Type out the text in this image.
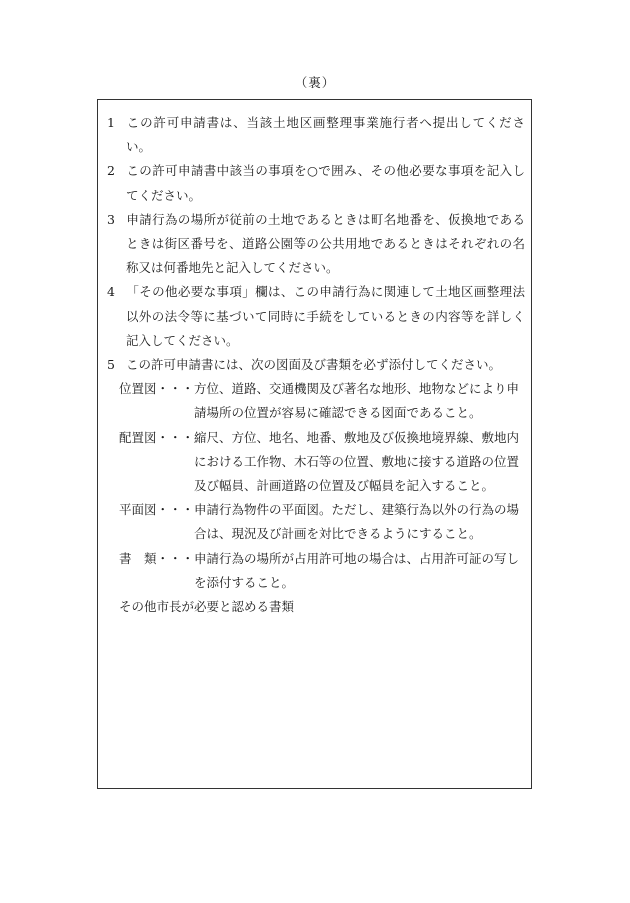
（裏）

1 この許可申請書は、当該土地区画整理事業施行者へ提出してください。

2 この許可申請書中該当の事項を○で囲み、その他必要な事項を記入してください。

3 申請行為の場所が従前の土地であるときは町名地番を、仮換地であるときは街区番号を、道路公園等の公共用地であるときはそれぞれの名称又は何番地先と記入してください。

4 「その他必要な事項」欄は、この申請行為に関連して土地区画整理法以外の法令等に基づいて同時に手続をしているときの内容等を詳しく記入してください。

5 この許可申請書には、次の図面及び書類を必ず添付してください。

位置図・・・ 方位、道路、交通機関及び著名な地形、地物などにより申請場所の位置が容易に確認できる図面であること。
配置図・・・ 縮尺、方位、地名、地番、敷地及び仮換地境界線、敷地内における工作物、木石等の位置、敷地に接する道路の位置及び幅員、計画道路の位置及び幅員を記入すること。
平面図・・・ 申請行為物件の平面図。ただし、建築行為以外の行為の場合は、現況及び計画を対比できるようにすること。
書　類・・・ 申請行為の場所が占用許可地の場合は、占用許可証の写しを添付すること。
その他市長が必要と認める書類
